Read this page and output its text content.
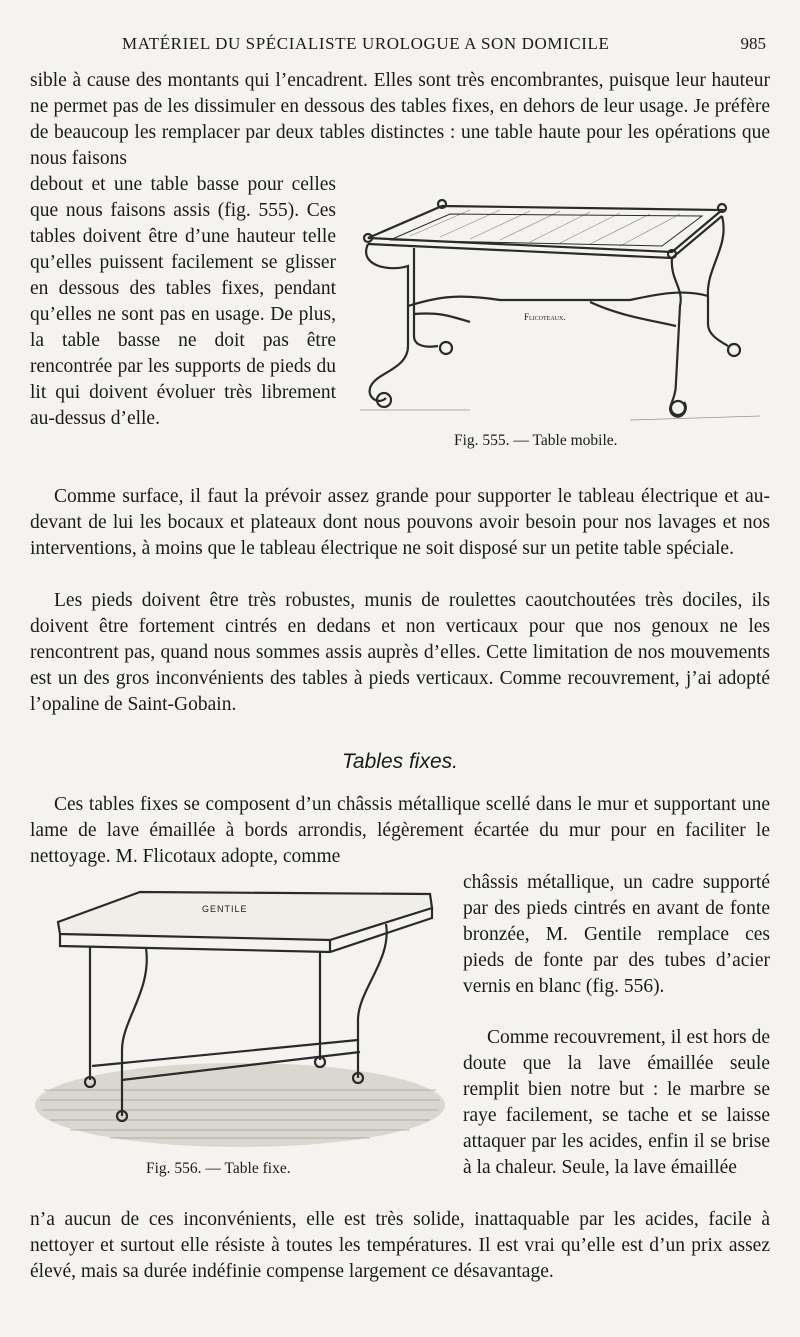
MATÉRIEL DU SPÉCIALISTE UROLOGUE A SON DOMICILE	985

sible à cause des montants qui l’encadrent. Elles sont très encombrantes, puisque leur hauteur ne permet pas de les dissimuler en dessous des tables fixes, en dehors de leur usage. Je préfère de beaucoup les remplacer par deux tables distinctes : une table haute pour les opérations que nous faisons

debout et une table basse pour celles que nous faisons assis (fig. 555). Ces tables doivent être d’une hauteur telle qu’elles puissent facilement se glisser en dessous des tables fixes, pendant qu’elles ne sont pas en usage. De plus, la table basse ne doit pas être rencontrée par les supports de pieds du lit qui doivent évoluer très librement au-dessus d’elle.

Flicoteaux.
Fig. 555. — Table mobile.

Comme surface, il faut la prévoir assez grande pour supporter le tableau électrique et au-devant de lui les bocaux et plateaux dont nous pouvons avoir besoin pour nos lavages et nos interventions, à moins que le tableau électrique ne soit disposé sur un petite table spéciale.

Les pieds doivent être très robustes, munis de roulettes caoutchoutées très dociles, ils doivent être fortement cintrés en dedans et non verticaux pour que nos genoux ne les rencontrent pas, quand nous sommes assis auprès d’elles. Cette limitation de nos mouvements est un des gros inconvénients des tables à pieds verticaux. Comme recouvrement, j’ai adopté l’opaline de Saint-Gobain.

Tables fixes.

Ces tables fixes se composent d’un châssis métallique scellé dans le mur et supportant une lame de lave émaillée à bords arrondis, légèrement écartée du mur pour en faciliter le nettoyage. M. Flicotaux adopte, comme

châssis métallique, un cadre supporté par des pieds cintrés en avant de fonte bronzée, M. Gentile remplace ces pieds de fonte par des tubes d’acier vernis en blanc (fig. 556).

GENTILE
Fig. 556. — Table fixe.

Comme recouvrement, il est hors de doute que la lave émaillée seule remplit bien notre but : le marbre se raye facilement, se tache et se laisse attaquer par les acides, enfin il se brise à la chaleur. Seule, la lave émaillée

n’a aucun de ces inconvénients, elle est très solide, inattaquable par les acides, facile à nettoyer et surtout elle résiste à toutes les températures. Il est vrai qu’elle est d’un prix assez élevé, mais sa durée indéfinie compense largement ce désavantage.
